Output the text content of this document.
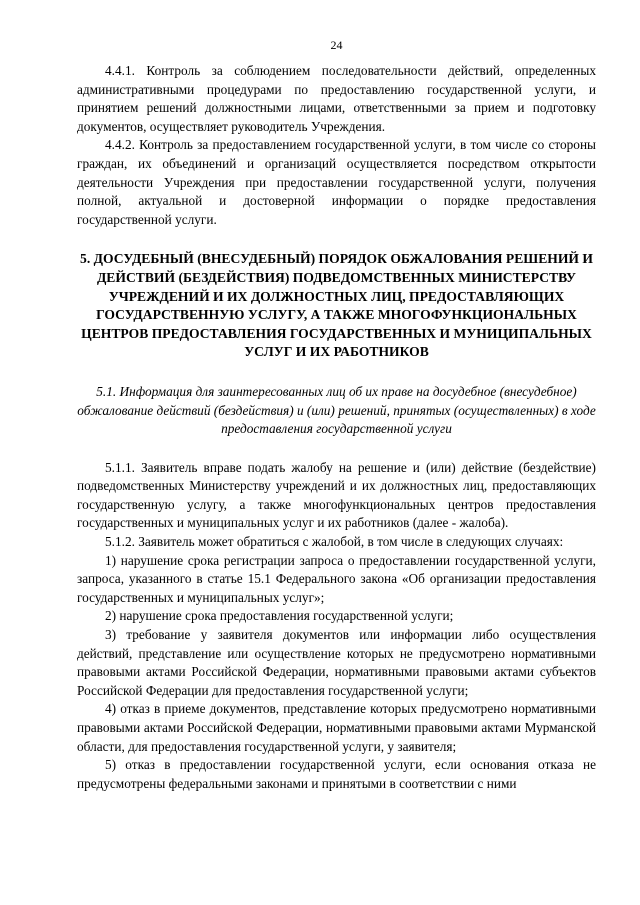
24

4.4.1. Контроль за соблюдением последовательности действий, определенных административными процедурами по предоставлению государственной услуги, и принятием решений должностными лицами, ответственными за прием и подготовку документов, осуществляет руководитель Учреждения.

4.4.2. Контроль за предоставлением государственной услуги, в том числе со стороны граждан, их объединений и организаций осуществляется посредством открытости деятельности Учреждения при предоставлении государственной услуги, получения полной, актуальной и достоверной информации о порядке предоставления государственной услуги.

5. ДОСУДЕБНЫЙ (ВНЕСУДЕБНЫЙ) ПОРЯДОК ОБЖАЛОВАНИЯ РЕШЕНИЙ И ДЕЙСТВИЙ (БЕЗДЕЙСТВИЯ) ПОДВЕДОМСТВЕННЫХ МИНИСТЕРСТВУ УЧРЕЖДЕНИЙ И ИХ ДОЛЖНОСТНЫХ ЛИЦ, ПРЕДОСТАВЛЯЮЩИХ ГОСУДАРСТВЕННУЮ УСЛУГУ, А ТАКЖЕ МНОГОФУНКЦИОНАЛЬНЫХ ЦЕНТРОВ ПРЕДОСТАВЛЕНИЯ ГОСУДАРСТВЕННЫХ И МУНИЦИПАЛЬНЫХ УСЛУГ И ИХ РАБОТНИКОВ
5.1. Информация для заинтересованных лиц об их праве на досудебное (внесудебное) обжалование действий (бездействия) и (или) решений, принятых (осуществленных) в ходе предоставления государственной услуги

5.1.1. Заявитель вправе подать жалобу на решение и (или) действие (бездействие) подведомственных Министерству учреждений и их должностных лиц, предоставляющих государственную услугу, а также многофункциональных центров предоставления государственных и муниципальных услуг и их работников (далее - жалоба).

5.1.2. Заявитель может обратиться с жалобой, в том числе в следующих случаях:

1) нарушение срока регистрации запроса о предоставлении государственной услуги, запроса, указанного в статье 15.1 Федерального закона «Об организации предоставления государственных и муниципальных услуг»;

2) нарушение срока предоставления государственной услуги;

3) требование у заявителя документов или информации либо осуществления действий, представление или осуществление которых не предусмотрено нормативными правовыми актами Российской Федерации, нормативными правовыми актами субъектов Российской Федерации для предоставления государственной услуги;

4) отказ в приеме документов, представление которых предусмотрено нормативными правовыми актами Российской Федерации, нормативными правовыми актами Мурманской области, для предоставления государственной услуги, у заявителя;

5) отказ в предоставлении государственной услуги, если основания отказа не предусмотрены федеральными законами и принятыми в соответствии с ними
